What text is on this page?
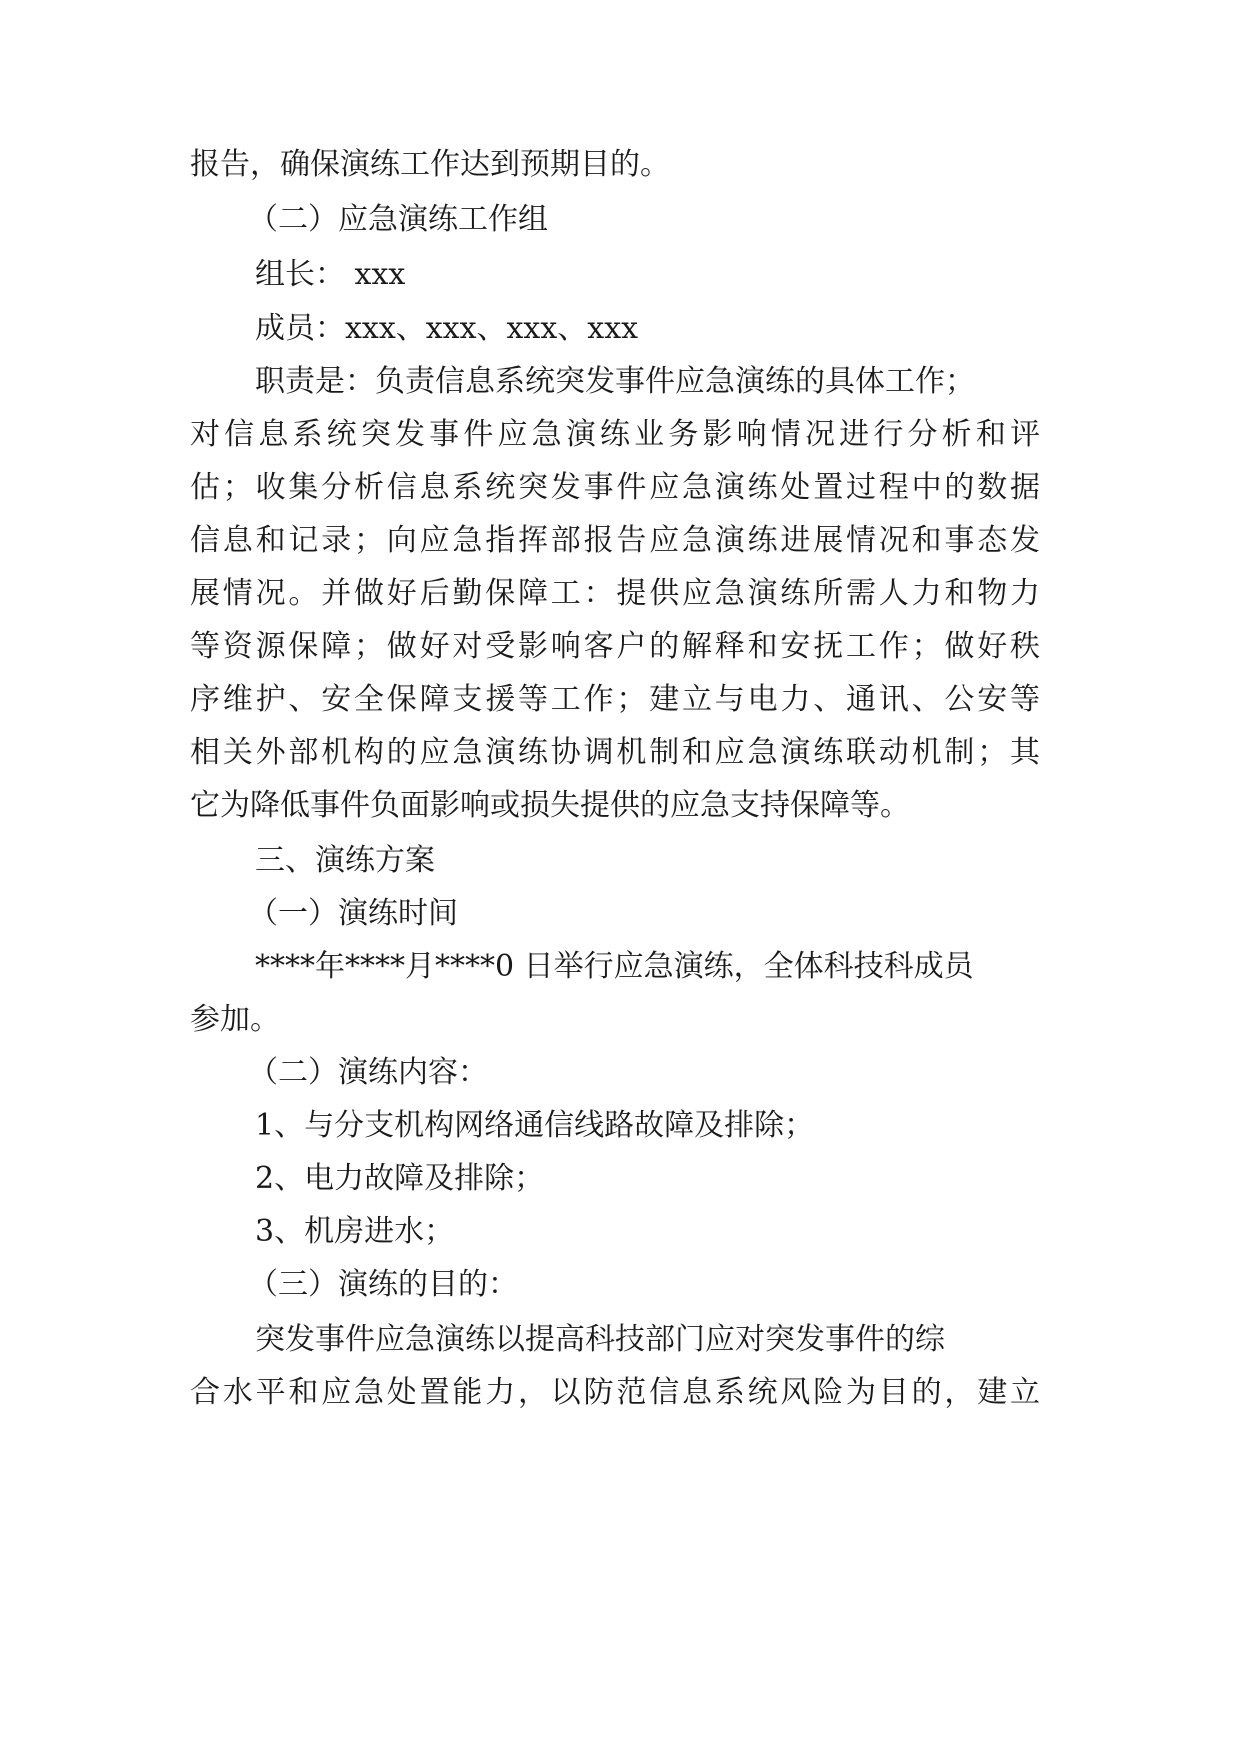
报告，确保演练工作达到预期目的。
（二）应急演练工作组
组长： xxx
成员：xxx、xxx、xxx、xxx
职责是：负责信息系统突发事件应急演练的具体工作；
对信息系统突发事件应急演练业务影响情况进行分析和评
估；收集分析信息系统突发事件应急演练处置过程中的数据
信息和记录；向应急指挥部报告应急演练进展情况和事态发
展情况。并做好后勤保障工：提供应急演练所需人力和物力
等资源保障；做好对受影响客户的解释和安抚工作；做好秩
序维护、安全保障支援等工作；建立与电力、通讯、公安等
相关外部机构的应急演练协调机制和应急演练联动机制；其
它为降低事件负面影响或损失提供的应急支持保障等。
三、演练方案
（一）演练时间
****年****月****0 日举行应急演练，全体科技科成员
参加。
（二）演练内容：
1、与分支机构网络通信线路故障及排除；
2、电力故障及排除；
3、机房进水；
（三）演练的目的：
突发事件应急演练以提高科技部门应对突发事件的综
合水平和应急处置能力，以防范信息系统风险为目的，建立
